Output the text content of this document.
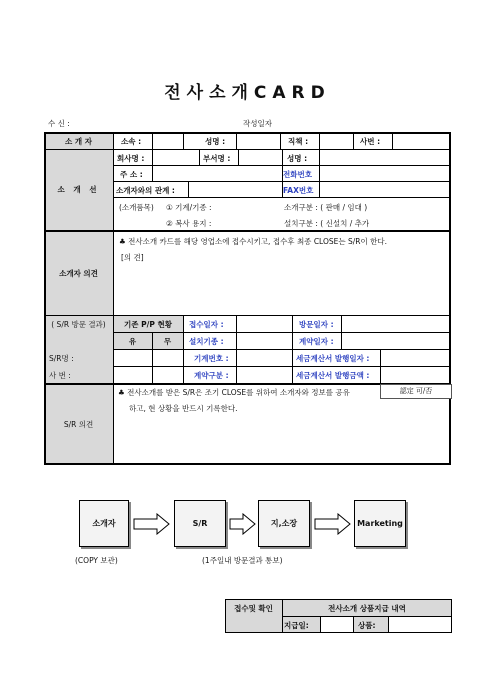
전사소개CARD
수 신 :	작성일자
소 개 자	소속 :	성명 :	직책 :	사번 :
소 개 선
회사명 :	부서명 :	성명 :
주 소 :	전화번호
소개자와의 관계 :	FAX번호
(소개품목) ① 기계/기종 :	소개구분 : ( 판매 / 임대 )
② 복사 용지 :	설치구분 : ( 신설치 / 추가
소개자 의견
♣ 전사소개 카드를 해당 영업소에 접수시키고, 접수후 최종 CLOSE는 S/R이 한다.
[의 견]
( S/R 방문 결과)	기존 P/P 현황	접수일자 :	방문일자 :
유	무	설치기종 :	계약일자 :
S/R명 :	기계번호 :	세금계산서 발행일자 :
사 번 :	계약구분 :	세금계산서 발행금액 :
S/R 의견
♣ 전사소개를 받은 S/R은 조기 CLOSE를 위하여 소개자와 정보를 공유
하고, 현 상황을 반드시 기록한다.
認定 可/否
소개자	S/R	지,소장	Marketing
(COPY 보관)	(1주일내 방문결과 통보)
접수및 확인	전사소개 상품지급 내역
지급일:	상품:
